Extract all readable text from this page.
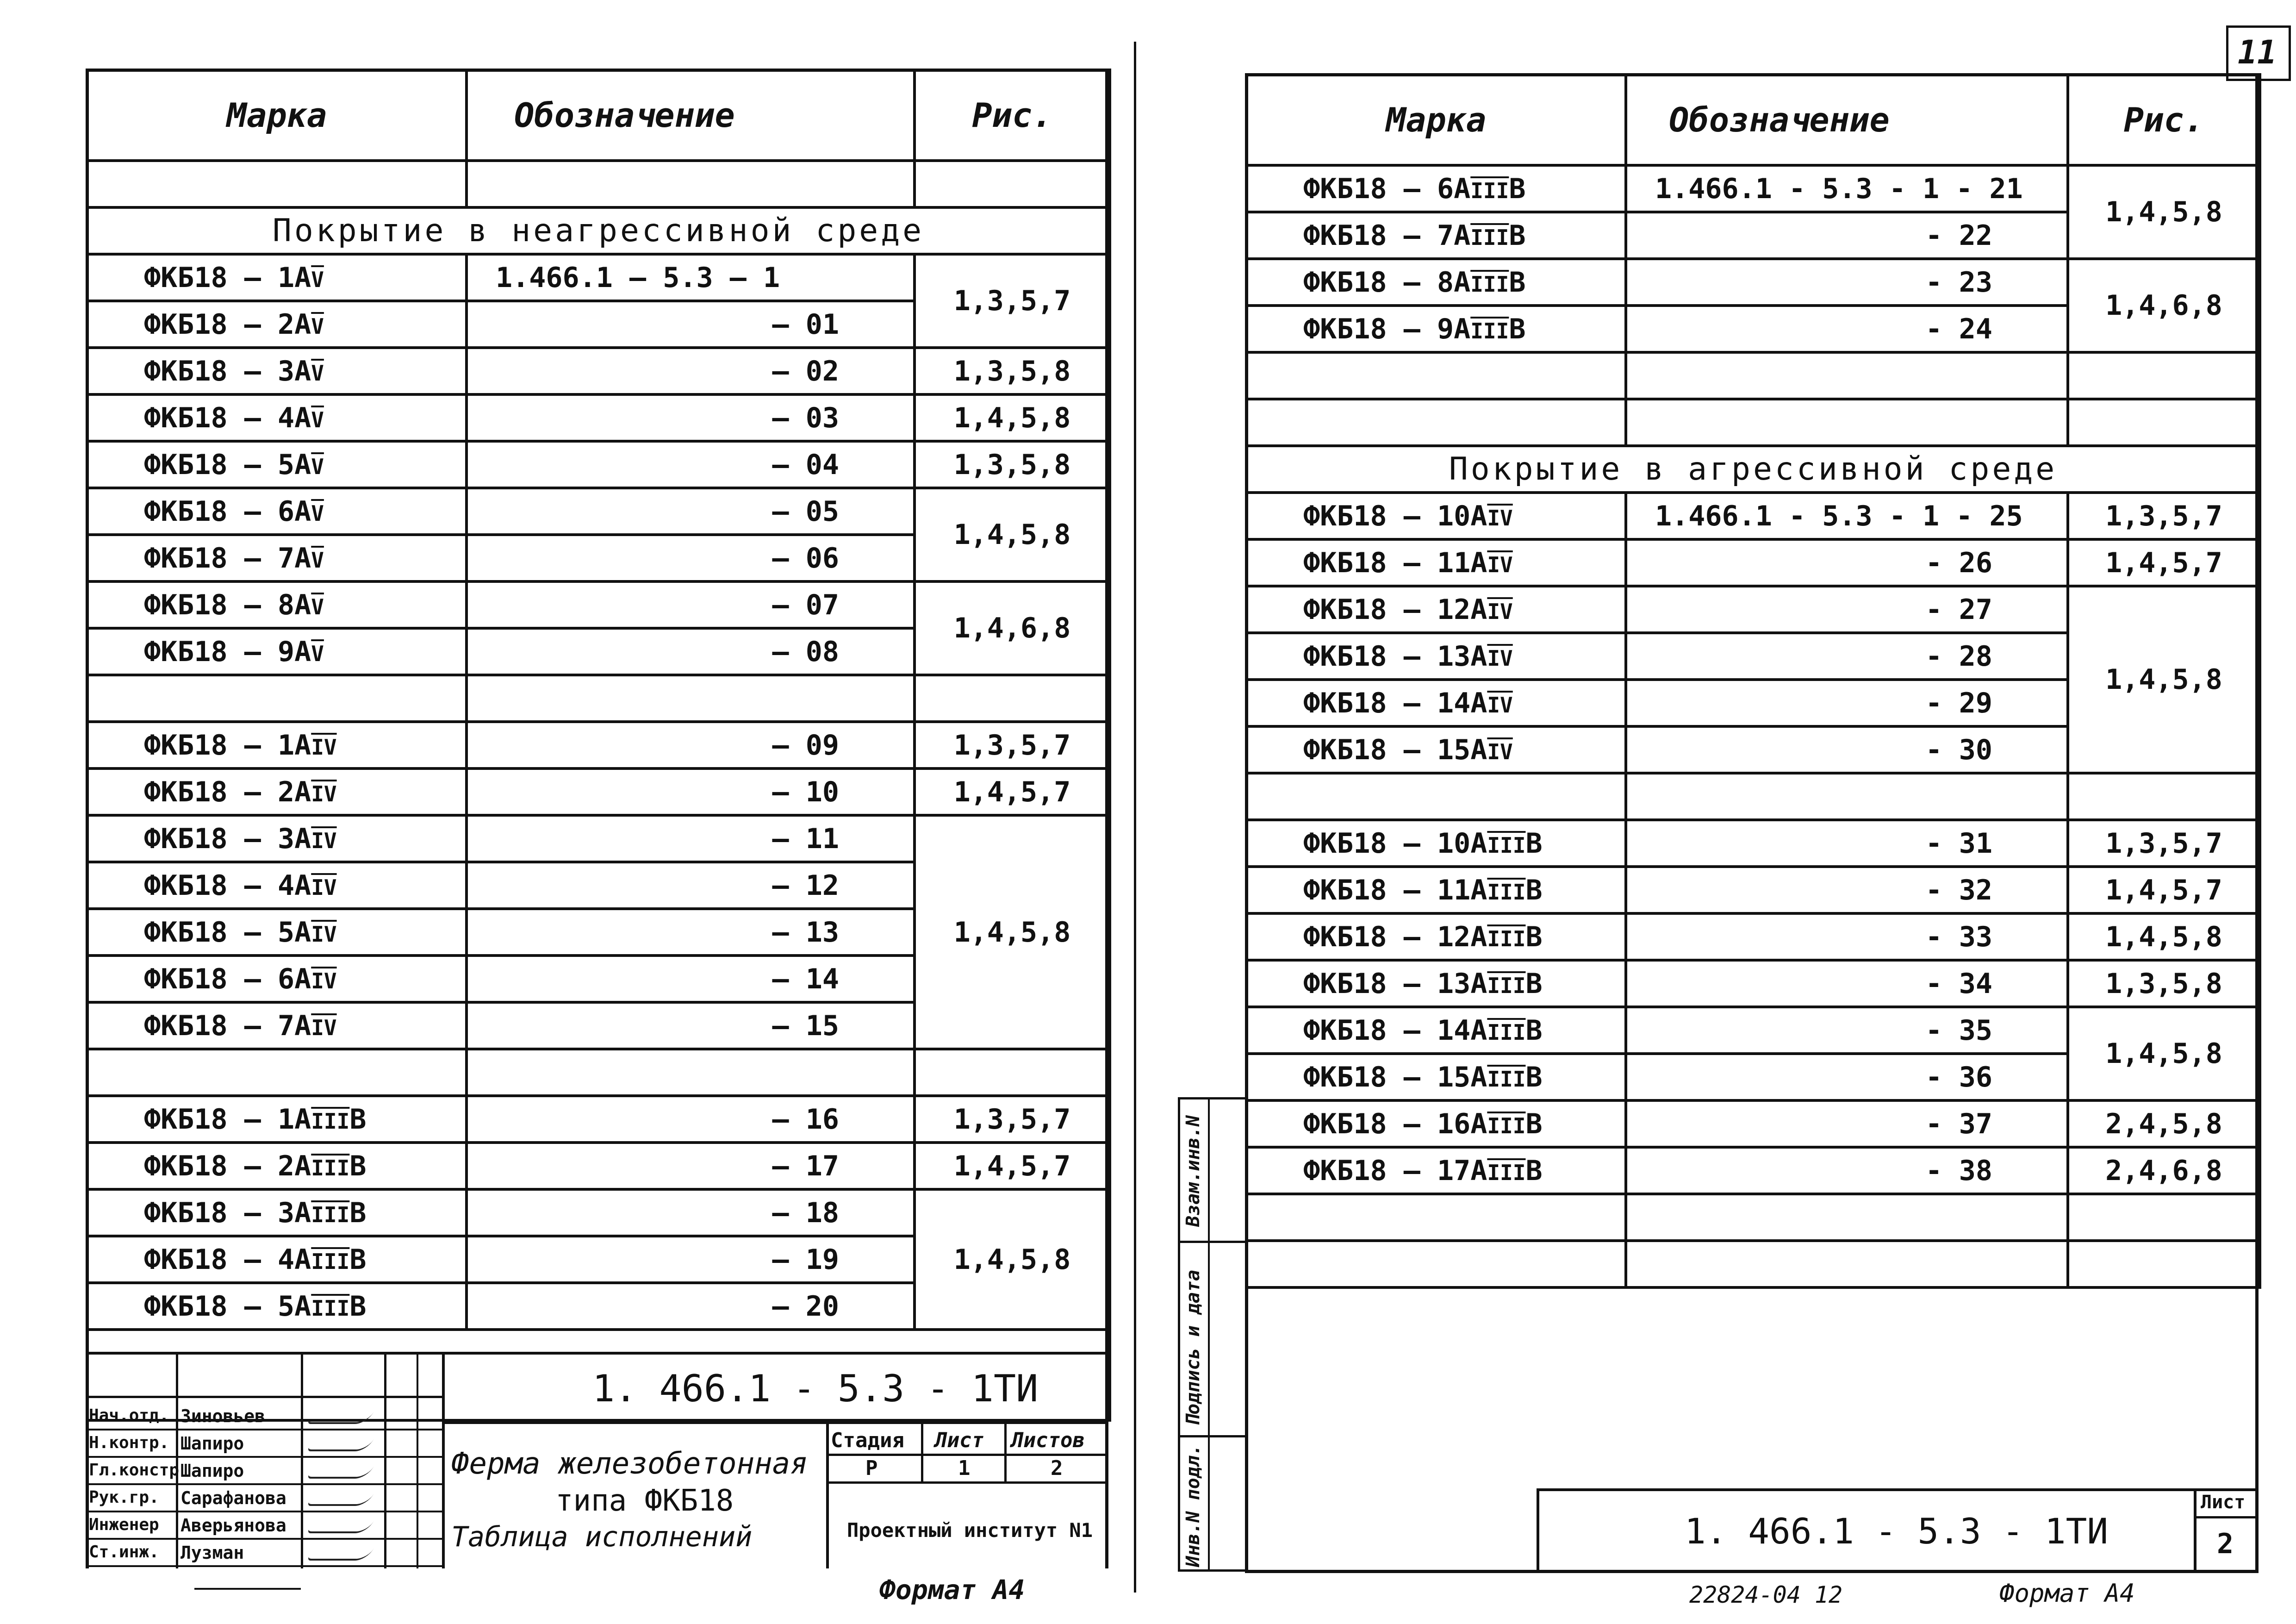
11
Марка	Обозначение	Рис.

Покрытие в неагрессивной среде		
ФКБ18 — $1А\overline{V}$	1.466.1 — 5.3 — 1	1,3,5,7
ФКБ18 — $2А\overline{V}$	— 01	
ФКБ18 — $3А\overline{V}$	— 02	1,3,5,8
ФКБ18 — $4А\overline{V}$	— 03	1,4,5,8
ФКБ18 — $5А\overline{V}$	— 04	1,3,5,8
ФКБ18 — $6А\overline{V}$	— 05	1,4,5,8
ФКБ18 — $7А\overline{V}$	— 06	
ФКБ18 — $8А\overline{V}$	— 07	1,4,6,8
ФКБ18 — $9А\overline{V}$	— 08	

ФКБ18 — $1А\overline{IV}$	— 09	1,3,5,7
ФКБ18 — $2А\overline{IV}$	— 10	1,4,5,7
ФКБ18 — $3А\overline{IV}$	— 11	1,4,5,8
ФКБ18 — $4А\overline{IV}$	— 12	
ФКБ18 — $5А\overline{IV}$	— 13	
ФКБ18 — $6А\overline{IV}$	— 14	
ФКБ18 — $7А\overline{IV}$	— 15	

ФКБ18 — $1А\overline{III}В$	— 16	1,3,5,7
ФКБ18 — $2А\overline{III}В$	— 17	1,4,5,7
ФКБ18 — $3А\overline{III}В$	— 18	1,4,5,8
ФКБ18 — $4А\overline{III}В$	— 19	
ФКБ18 — $5А\overline{III}В$	— 20	

Нач.отд. Зиновьев
Н.контр. Шапиро
Гл.констр Шапиро
Рук.гр. Сарафанова
Инженер Аверьянова
Ст.инж. Лузман
1. 466.1 - 5.3 - 1ТИ
Ферма железобетонная
типа ФКБ18
Таблица исполнений
Стадия Лист Листов
Р	1	2
Проектный институт N1
Формат А4
Марка	Обозначение	Рис.
ФКБ18 — $6А\overline{III}В$	1.466.1 - 5.3 - 1 - 21	1,4,5,8
ФКБ18 — $7А\overline{III}В$	- 22	
ФКБ18 — $8А\overline{III}В$	- 23	1,4,6,8
ФКБ18 — $9А\overline{III}В$	- 24	

Покрытие в агрессивной среде		
ФКБ18 — $10А\overline{IV}$	1.466.1 - 5.3 - 1 - 25	1,3,5,7
ФКБ18 — $11А\overline{IV}$	- 26	1,4,5,7
ФКБ18 — $12А\overline{IV}$	- 27	1,4,5,8
ФКБ18 — $13А\overline{IV}$	- 28	
ФКБ18 — $14А\overline{IV}$	- 29	
ФКБ18 — $15А\overline{IV}$	- 30	

ФКБ18 — $10А\overline{III}В$	- 31	1,3,5,7
ФКБ18 — $11А\overline{III}В$	- 32	1,4,5,7
ФКБ18 — $12А\overline{III}В$	- 33	1,4,5,8
ФКБ18 — $13А\overline{III}В$	- 34	1,3,5,8
ФКБ18 — $14А\overline{III}В$	- 35	1,4,5,8
ФКБ18 — $15А\overline{III}В$	- 36	
ФКБ18 — $16А\overline{III}В$	- 37	2,4,5,8
ФКБ18 — $17А\overline{III}В$	- 38	2,4,6,8

Взам.инв.N
Подпись и дата
Инв.N подл.	1. 466.1 - 5.3 - 1ТИ
Лист
2
22824-04 12	Формат А4
